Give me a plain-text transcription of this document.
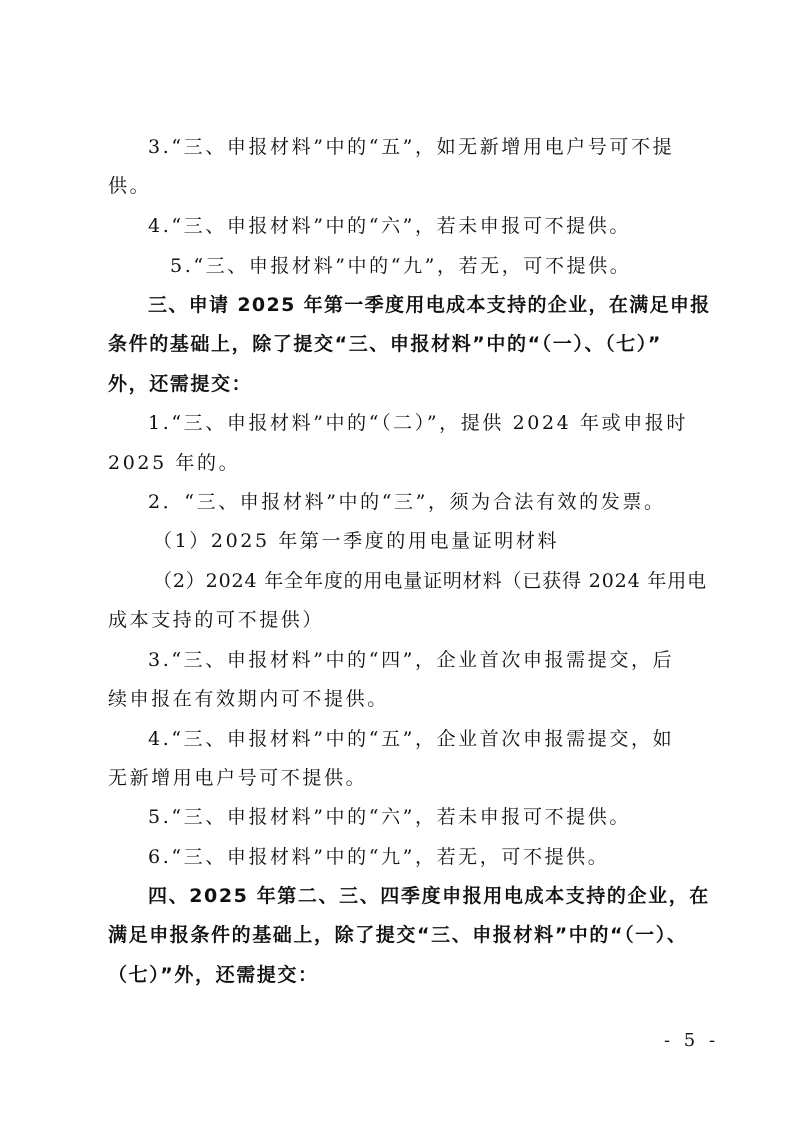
3.“三、申报材料”中的“五”，如无新增用电户号可不提
供。
4.“三、申报材料”中的“六”，若未申报可不提供。
5.“三、申报材料”中的“九”，若无，可不提供。
三、申请 2025 年第一季度用电成本支持的企业，在满足申报
条件的基础上，除了提交“三、申报材料”中的“（一）、（七）”
外，还需提交：
1.“三、申报材料”中的“（二）”，提供 2024 年或申报时
2025 年的。
2．“三、申报材料”中的“三”，须为合法有效的发票。
（1）2025 年第一季度的用电量证明材料
（2）2024 年全年度的用电量证明材料（已获得 2024 年用电
成本支持的可不提供）
3.“三、申报材料”中的“四”，企业首次申报需提交，后
续申报在有效期内可不提供。
4.“三、申报材料”中的“五”，企业首次申报需提交，如
无新增用电户号可不提供。
5.“三、申报材料”中的“六”，若未申报可不提供。
6.“三、申报材料”中的“九”，若无，可不提供。
四、2025 年第二、三、四季度申报用电成本支持的企业，在
满足申报条件的基础上，除了提交“三、申报材料”中的“（一）、
（七）”外，还需提交：
- 5 -
